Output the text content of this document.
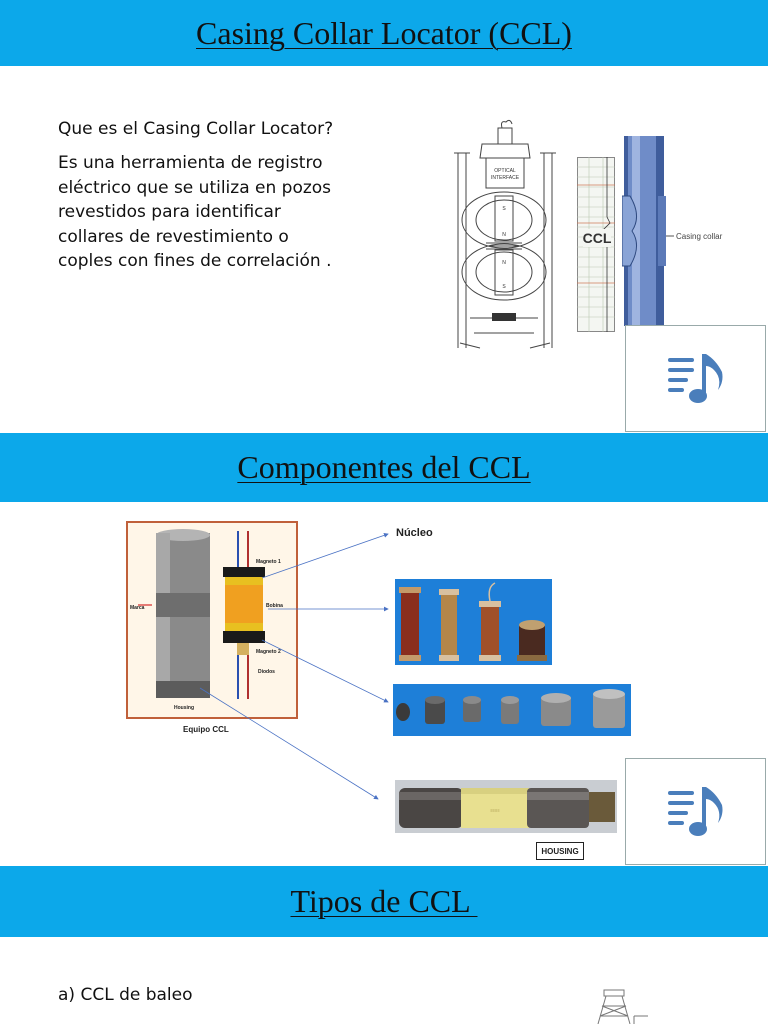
Casing Collar Locator (CCL)
Que es el Casing Collar Locator?
Es una herramienta de registro
eléctrico que se utiliza en pozos
revestidos para identificar
collares de revestimiento o
coples con fines de correlación .
OPTICAL
INTERFACE
S
N
N
S
CCL	Casing collar
Componentes del CCL
Marca
Magneto 1
Bobina
Magneto 2
Diodos
Housing
Equipo CCL
Núcleo
≡≡≡≡
HOUSING
Tipos de CCL
a) CCL de baleo
